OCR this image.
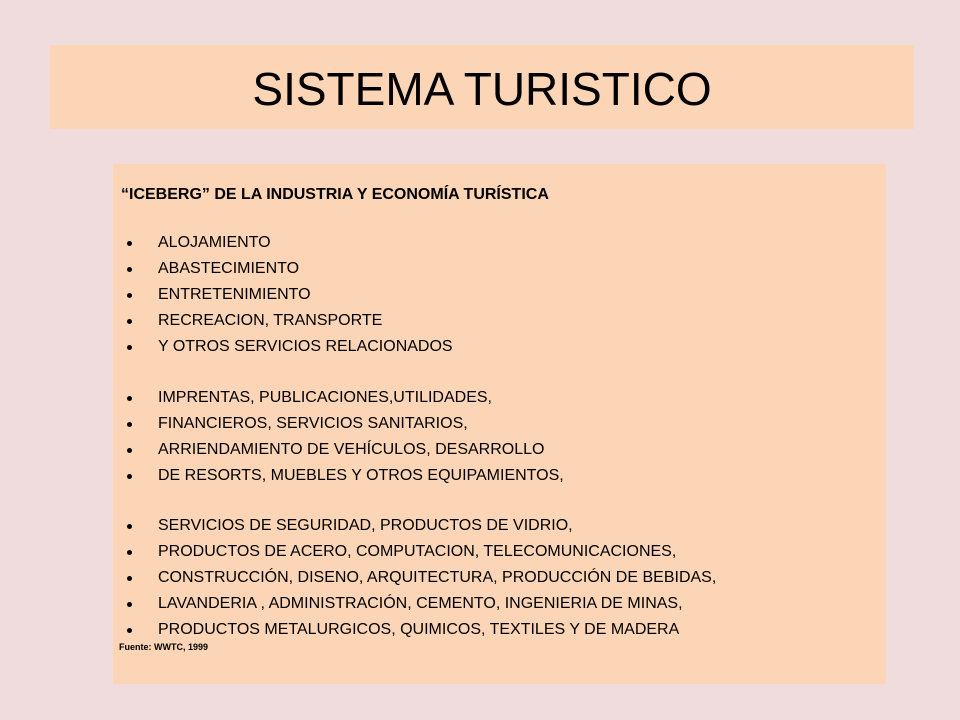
SISTEMA TURISTICO
“ICEBERG” DE LA INDUSTRIA Y ECONOMÍA TURÍSTICA
ALOJAMIENTO
ABASTECIMIENTO
ENTRETENIMIENTO
RECREACION, TRANSPORTE
Y OTROS SERVICIOS RELACIONADOS
IMPRENTAS, PUBLICACIONES,UTILIDADES,
FINANCIEROS, SERVICIOS SANITARIOS,
ARRIENDAMIENTO DE VEHÍCULOS, DESARROLLO
DE RESORTS, MUEBLES Y OTROS EQUIPAMIENTOS,
SERVICIOS DE SEGURIDAD, PRODUCTOS DE VIDRIO,
PRODUCTOS DE ACERO, COMPUTACION, TELECOMUNICACIONES,
CONSTRUCCIÓN, DISENO, ARQUITECTURA, PRODUCCIÓN DE BEBIDAS,
LAVANDERIA , ADMINISTRACIÓN, CEMENTO, INGENIERIA DE MINAS,
PRODUCTOS METALURGICOS, QUIMICOS, TEXTILES Y DE MADERA
Fuente: WWTC, 1999
